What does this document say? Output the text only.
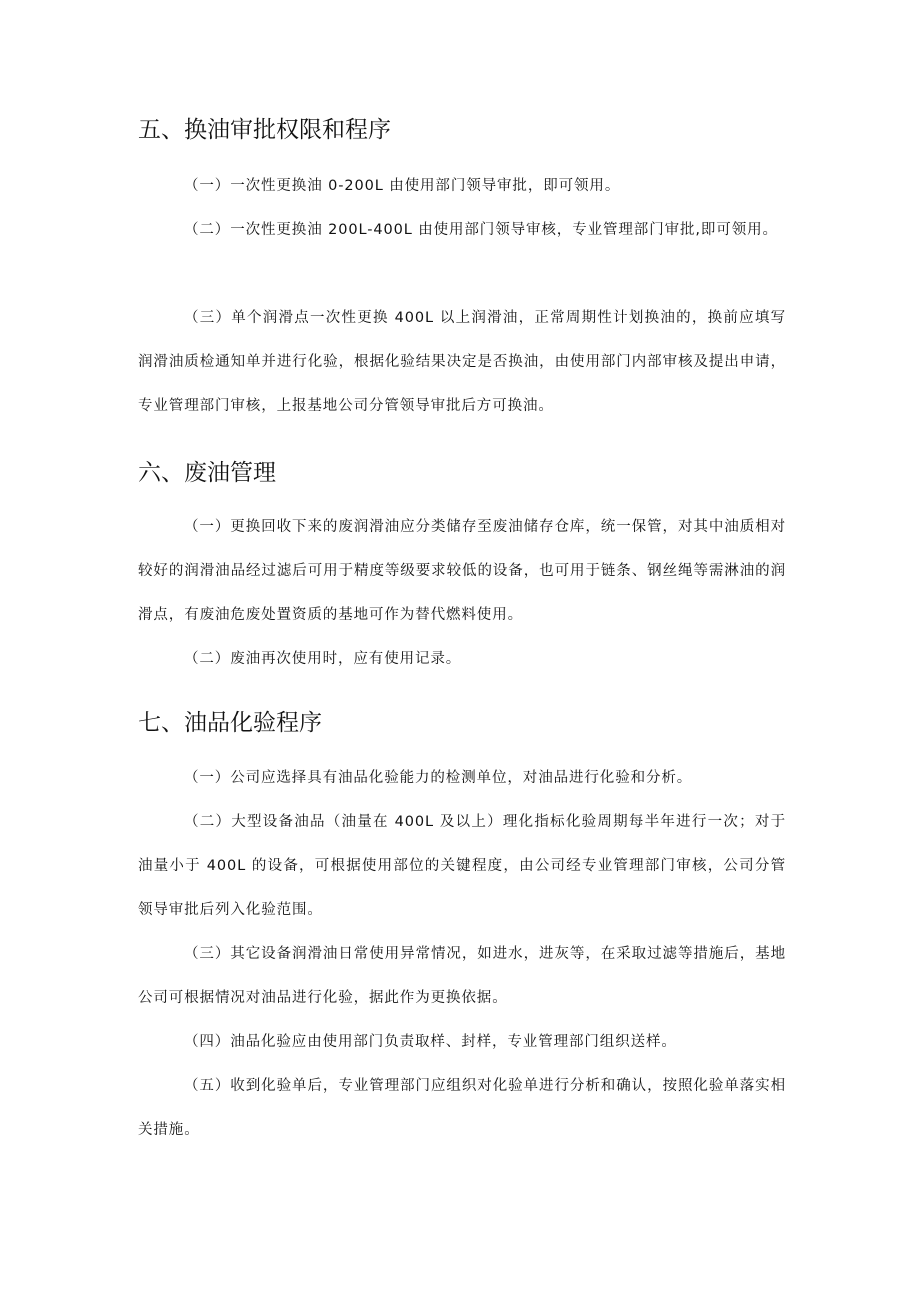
五、换油审批权限和程序

（一）一次性更换油 0-200L 由使用部门领导审批，即可领用。

（二）一次性更换油 200L-400L 由使用部门领导审核，专业管理部门审批,即可领用。

（三）单个润滑点一次性更换 400L 以上润滑油，正常周期性计划换油的，换前应填写润滑油质检通知单并进行化验，根据化验结果决定是否换油，由使用部门内部审核及提出申请，专业管理部门审核，上报基地公司分管领导审批后方可换油。

六、废油管理

（一）更换回收下来的废润滑油应分类储存至废油储存仓库，统一保管，对其中油质相对较好的润滑油品经过滤后可用于精度等级要求较低的设备，也可用于链条、钢丝绳等需淋油的润滑点，有废油危废处置资质的基地可作为替代燃料使用。

（二）废油再次使用时，应有使用记录。

七、油品化验程序

（一）公司应选择具有油品化验能力的检测单位，对油品进行化验和分析。

（二）大型设备油品（油量在 400L 及以上）理化指标化验周期每半年进行一次；对于油量小于 400L 的设备，可根据使用部位的关键程度，由公司经专业管理部门审核，公司分管领导审批后列入化验范围。

（三）其它设备润滑油日常使用异常情况，如进水，进灰等，在采取过滤等措施后，基地公司可根据情况对油品进行化验，据此作为更换依据。

（四）油品化验应由使用部门负责取样、封样，专业管理部门组织送样。

（五）收到化验单后，专业管理部门应组织对化验单进行分析和确认，按照化验单落实相关措施。
